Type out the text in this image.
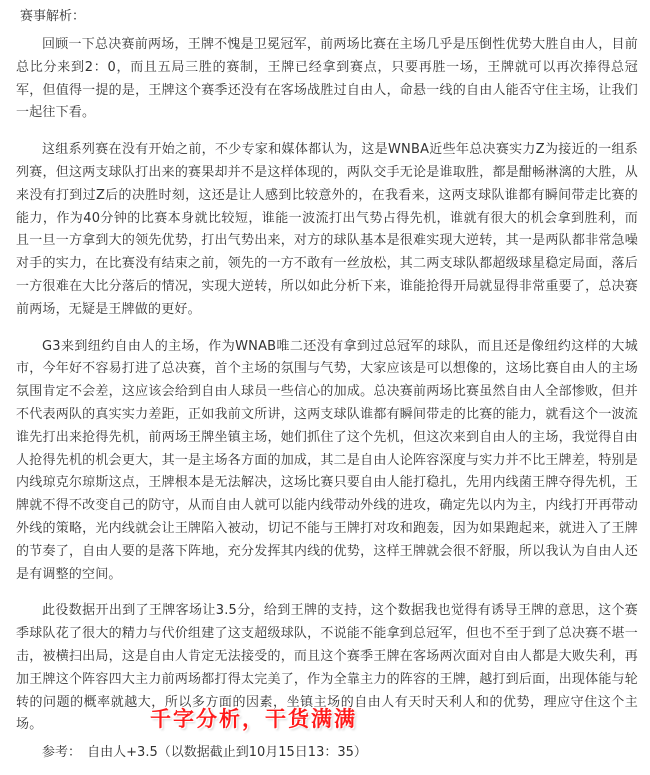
赛事解析：

回顾一下总决赛前两场，王牌不愧是卫冕冠军，前两场比赛在主场几乎是压倒性优势大胜自由人，目前总比分来到2：0，而且五局三胜的赛制，王牌已经拿到赛点，只要再胜一场，王牌就可以再次捧得总冠军，但值得一提的是，王牌这个赛季还没有在客场战胜过自由人，命悬一线的自由人能否守住主场，让我们一起往下看。

这组系列赛在没有开始之前，不少专家和媒体都认为，这是WNBA近些年总决赛实力Z为接近的一组系列赛，但这两支球队打出来的赛果却并不是这样体现的，两队交手无论是谁取胜，都是酣畅淋漓的大胜，从来没有打到过Z后的决胜时刻，这还是让人感到比较意外的，在我看来，这两支球队谁都有瞬间带走比赛的能力，作为40分钟的比赛本身就比较短，谁能一波流打出气势占得先机，谁就有很大的机会拿到胜利，而且一旦一方拿到大的领先优势，打出气势出来，对方的球队基本是很难实现大逆转，其一是两队都非常急噪对手的实力，在比赛没有结束之前，领先的一方不敢有一丝放松，其二两支球队都超级球星稳定局面，落后一方很难在大比分落后的情况，实现大逆转，所以如此分析下来，谁能抢得开局就显得非常重要了，总决赛前两场，无疑是王牌做的更好。

G3来到纽约自由人的主场，作为WNAB唯二还没有拿到过总冠军的球队，而且还是像纽约这样的大城市，今年好不容易打进了总决赛，首个主场的氛围与气势，大家应该是可以想像的，这场比赛自由人的主场氛围肯定不会差，这应该会给到自由人球员一些信心的加成。总决赛前两场比赛虽然自由人全部惨败，但并不代表两队的真实实力差距，正如我前文所讲，这两支球队谁都有瞬间带走的比赛的能力，就看这个一波流谁先打出来抢得先机，前两场王牌坐镇主场，她们抓住了这个先机，但这次来到自由人的主场，我觉得自由人抢得先机的机会更大，其一是主场各方面的加成，其二是自由人论阵容深度与实力并不比王牌差，特别是内线琼克尔琼斯这点，王牌根本是无法解决，这场比赛只要自由人能打稳扎，先用内线菌王牌夺得先机，王牌就不得不改变自己的防守，从而自由人就可以能内线带动外线的进攻，确定先以内为主，内线打开再带动外线的策略，光内线就会让王牌陷入被动，切记不能与王牌打对攻和跑轰，因为如果跑起来，就进入了王牌的节奏了，自由人要的是落下阵地，充分发挥其内线的优势，这样王牌就会很不舒服，所以我认为自由人还是有调整的空间。

此役数据开出到了王牌客场让3.5分，给到王牌的支持，这个数据我也觉得有诱导王牌的意思，这个赛季球队花了很大的精力与代价组建了这支超级球队，不说能不能拿到总冠军，但也不至于到了总决赛不堪一击，被横扫出局，这是自由人肯定无法接受的，而且这个赛季王牌在客场两次面对自由人都是大败失利，再加王牌这个阵容四大主力前两场都打得太完美了，作为全靠主力的阵容的王牌，越打到后面，出现体能与轮转的问题的概率就越大，所以多方面的因素，坐镇主场的自由人有天时天利人和的优势，理应守住这个主场。	千字分析，干货满满
参考： 自由人+3.5（以数据截止到10月15日13：35）
